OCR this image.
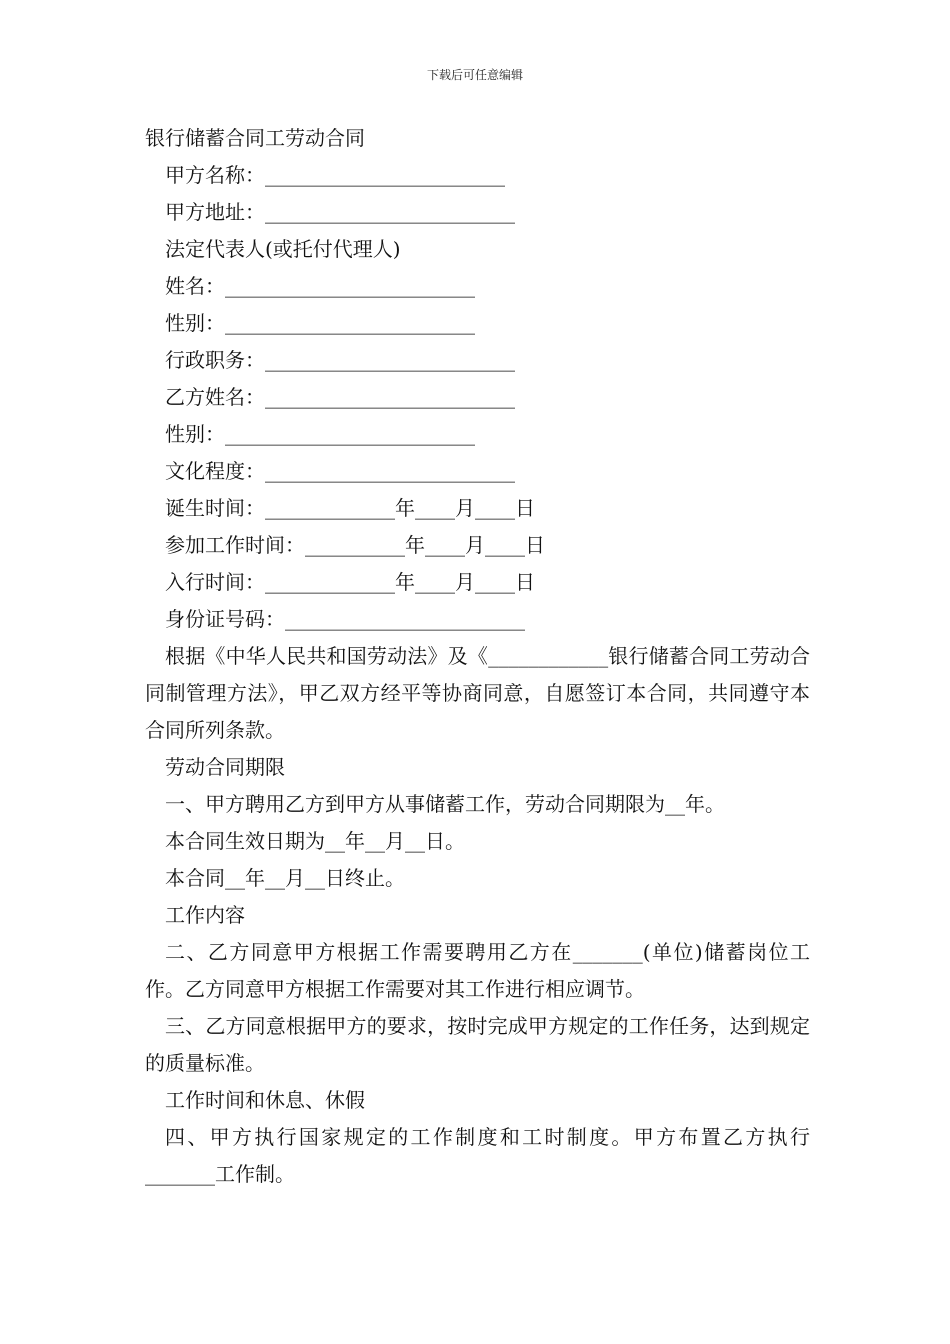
下载后可任意编辑
银行储蓄合同工劳动合同
甲方名称：________________________
甲方地址：_________________________
法定代表人(或托付代理人)
姓名：_________________________
性别：_________________________
行政职务：_________________________
乙方姓名：_________________________
性别：_________________________
文化程度：_________________________
诞生时间：_____________年____月____日
参加工作时间：__________年____月____日
入行时间：_____________年____月____日
身份证号码：________________________
根据《中华人民共和国劳动法》及《____________银行储蓄合同工劳动合同制管理方法》，甲乙双方经平等协商同意，自愿签订本合同，共同遵守本合同所列条款。
劳动合同期限
一、甲方聘用乙方到甲方从事储蓄工作，劳动合同期限为__年。
本合同生效日期为__年__月__日。
本合同__年__月__日终止。
工作内容
二、乙方同意甲方根据工作需要聘用乙方在_______(单位)储蓄岗位工作。乙方同意甲方根据工作需要对其工作进行相应调节。
三、乙方同意根据甲方的要求，按时完成甲方规定的工作任务，达到规定的质量标准。
工作时间和休息、休假
四、甲方执行国家规定的工作制度和工时制度。甲方布置乙方执行_______工作制。
